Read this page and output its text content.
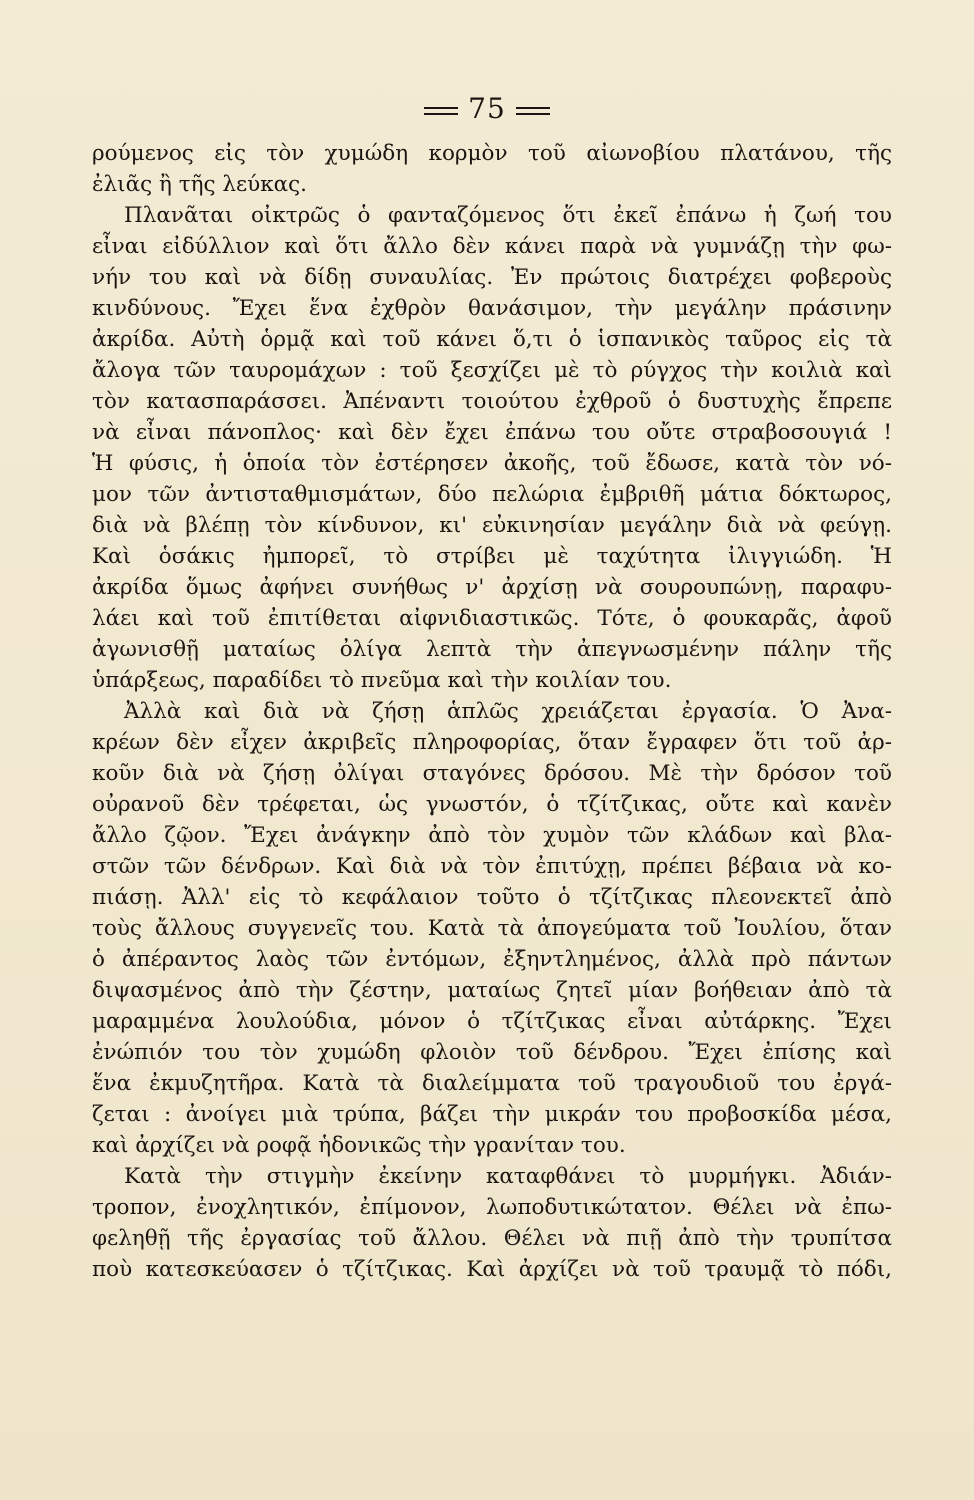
75
ρούμενος εἰς τὸν χυμώδη κορμὸν τοῦ αἰωνοβίου πλατάνου, τῆς
ἐλιᾶς ἢ τῆς λεύκας.
Πλανᾶται οἰκτρῶς ὁ φανταζόμενος ὅτι ἐκεῖ ἐπάνω ἡ ζωή του
εἶναι εἰδύλλιον καὶ ὅτι ἄλλο δὲν κάνει παρὰ νὰ γυμνάζῃ τὴν φω-
νήν του καὶ νὰ δίδῃ συναυλίας. Ἐν πρώτοις διατρέχει φοβεροὺς
κινδύνους. Ἔχει ἕνα ἐχθρὸν θανάσιμον, τὴν μεγάλην πράσινην
ἀκρίδα. Αὐτὴ ὁρμᾷ καὶ τοῦ κάνει ὅ,τι ὁ ἱσπανικὸς ταῦρος εἰς τὰ
ἄλογα τῶν ταυρομάχων : τοῦ ξεσχίζει μὲ τὸ ρύγχος τὴν κοιλιὰ καὶ
τὸν κατασπαράσσει. Ἀπέναντι τοιούτου ἐχθροῦ ὁ δυστυχὴς ἔπρεπε
νὰ εἶναι πάνοπλος· καὶ δὲν ἔχει ἐπάνω του οὔτε στραβοσουγιά !
Ἡ φύσις, ἡ ὁποία τὸν ἐστέρησεν ἀκοῆς, τοῦ ἔδωσε, κατὰ τὸν νό-
μον τῶν ἀντισταθμισμάτων, δύο πελώρια ἐμβριθῆ μάτια δόκτωρος,
διὰ νὰ βλέπῃ τὸν κίνδυνον, κι' εὐκινησίαν μεγάλην διὰ νὰ φεύγῃ.
Καὶ ὁσάκις ἠμπορεῖ, τὸ στρίβει μὲ ταχύτητα ἰλιγγιώδη. Ἡ
ἀκρίδα ὅμως ἀφήνει συνήθως ν' ἀρχίσῃ νὰ σουρουπώνῃ, παραφυ-
λάει καὶ τοῦ ἐπιτίθεται αἰφνιδιαστικῶς. Τότε, ὁ φουκαρᾶς, ἀφοῦ
ἀγωνισθῇ ματαίως ὀλίγα λεπτὰ τὴν ἀπεγνωσμένην πάλην τῆς
ὑπάρξεως, παραδίδει τὸ πνεῦμα καὶ τὴν κοιλίαν του.
Ἀλλὰ καὶ διὰ νὰ ζήσῃ ἁπλῶς χρειάζεται ἐργασία. Ὁ Ἀνα-
κρέων δὲν εἶχεν ἀκριβεῖς πληροφορίας, ὅταν ἔγραφεν ὅτι τοῦ ἀρ-
κοῦν διὰ νὰ ζήσῃ ὀλίγαι σταγόνες δρόσου. Μὲ τὴν δρόσον τοῦ
οὐρανοῦ δὲν τρέφεται, ὡς γνωστόν, ὁ τζίτζικας, οὔτε καὶ κανὲν
ἄλλο ζῷον. Ἔχει ἀνάγκην ἀπὸ τὸν χυμὸν τῶν κλάδων καὶ βλα-
στῶν τῶν δένδρων. Καὶ διὰ νὰ τὸν ἐπιτύχῃ, πρέπει βέβαια νὰ κο-
πιάσῃ. Ἀλλ' εἰς τὸ κεφάλαιον τοῦτο ὁ τζίτζικας πλεονεκτεῖ ἀπὸ
τοὺς ἄλλους συγγενεῖς του. Κατὰ τὰ ἀπογεύματα τοῦ Ἰουλίου, ὅταν
ὁ ἀπέραντος λαὸς τῶν ἐντόμων, ἐξηντλημένος, ἀλλὰ πρὸ πάντων
διψασμένος ἀπὸ τὴν ζέστην, ματαίως ζητεῖ μίαν βοήθειαν ἀπὸ τὰ
μαραμμένα λουλούδια, μόνον ὁ τζίτζικας εἶναι αὐτάρκης. Ἔχει
ἐνώπιόν του τὸν χυμώδη φλοιὸν τοῦ δένδρου. Ἔχει ἐπίσης καὶ
ἕνα ἐκμυζητῆρα. Κατὰ τὰ διαλείμματα τοῦ τραγουδιοῦ του ἐργά-
ζεται : ἀνοίγει μιὰ τρύπα, βάζει τὴν μικράν του προβοσκίδα μέσα,
καὶ ἀρχίζει νὰ ροφᾷ ἡδονικῶς τὴν γρανίταν του.
Κατὰ τὴν στιγμὴν ἐκείνην καταφθάνει τὸ μυρμήγκι. Ἀδιάν-
τροπον, ἐνοχλητικόν, ἐπίμονον, λωποδυτικώτατον. Θέλει νὰ ἐπω-
φεληθῇ τῆς ἐργασίας τοῦ ἄλλου. Θέλει νὰ πιῇ ἀπὸ τὴν τρυπίτσα
ποὺ κατεσκεύασεν ὁ τζίτζικας. Καὶ ἀρχίζει νὰ τοῦ τραυμᾷ τὸ πόδι,
